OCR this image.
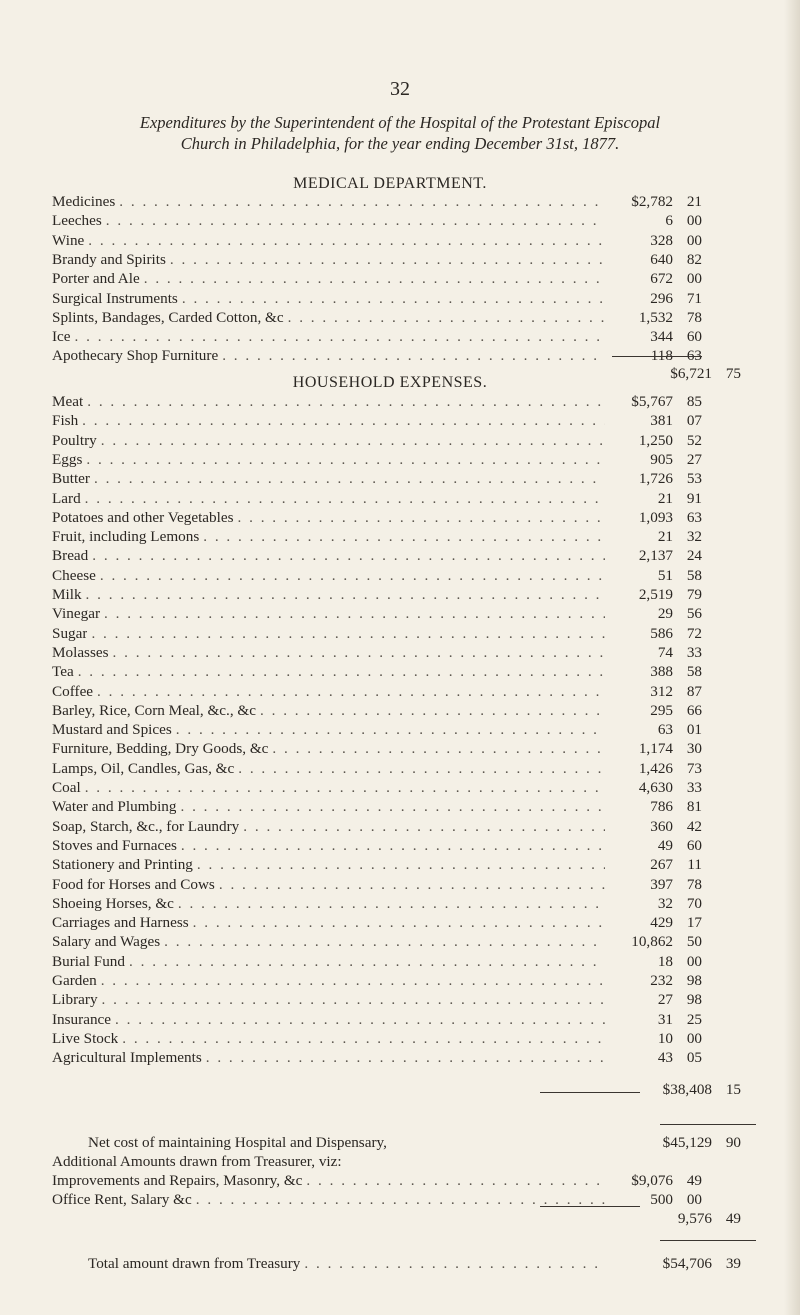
32
Expenditures by the Superintendent of the Hospital of the Protestant Episcopal
Church in Philadelphia, for the year ending December 31st, 1877.
MEDICAL DEPARTMENT.
Medicines . . .	$2,782 21
Leeches . . .	6 00
Wine . . .	328 00
Brandy and Spirits . . .	640 82
Porter and Ale . . .	672 00
Surgical Instruments . . .	296 71
Splints, Bandages, Carded Cotton, &c . . .	1,532 78
Ice . . .	344 60
Apothecary Shop Furniture . . .	118 63
$6,721 75
HOUSEHOLD EXPENSES.
Meat . . .	$5,767 85
Fish . . .	381 07
Poultry . . .	1,250 52
Eggs . . .	905 27
Butter . . .	1,726 53
Lard . . .	21 91
Potatoes and other Vegetables . . .	1,093 63
Fruit, including Lemons . . .	21 32
Bread . . .	2,137 24
Cheese . . .	51 58
Milk . . .	2,519 79
Vinegar . . .	29 56
Sugar . . .	586 72
Molasses . . .	74 33
Tea . . .	388 58
Coffee . . .	312 87
Barley, Rice, Corn Meal, &c., &c . . .	295 66
Mustard and Spices . . .	63 01
Furniture, Bedding, Dry Goods, &c . . .	1,174 30
Lamps, Oil, Candles, Gas, &c . . .	1,426 73
Coal . . .	4,630 33
Water and Plumbing . . .	786 81
Soap, Starch, &c., for Laundry . . .	360 42
Stoves and Furnaces . . .	49 60
Stationery and Printing . . .	267 11
Food for Horses and Cows . . .	397 78
Shoeing Horses, &c . . .	32 70
Carriages and Harness . . .	429 17
Salary and Wages . . .	10,862 50
Burial Fund . . .	18 00
Garden . . .	232 98
Library . . .	27 98
Insurance . . .	31 25
Live Stock . . .	10 00
Agricultural Implements . . .	43 05
$38,408 15
Net cost of maintaining Hospital and Dispensary,	$45,129 90
Additional Amounts drawn from Treasurer, viz:
Improvements and Repairs, Masonry, &c . . .	$9,076 49
Office Rent, Salary &c . . .	500 00
9,576 49
Total amount drawn from Treasury . . .	$54,706 39
